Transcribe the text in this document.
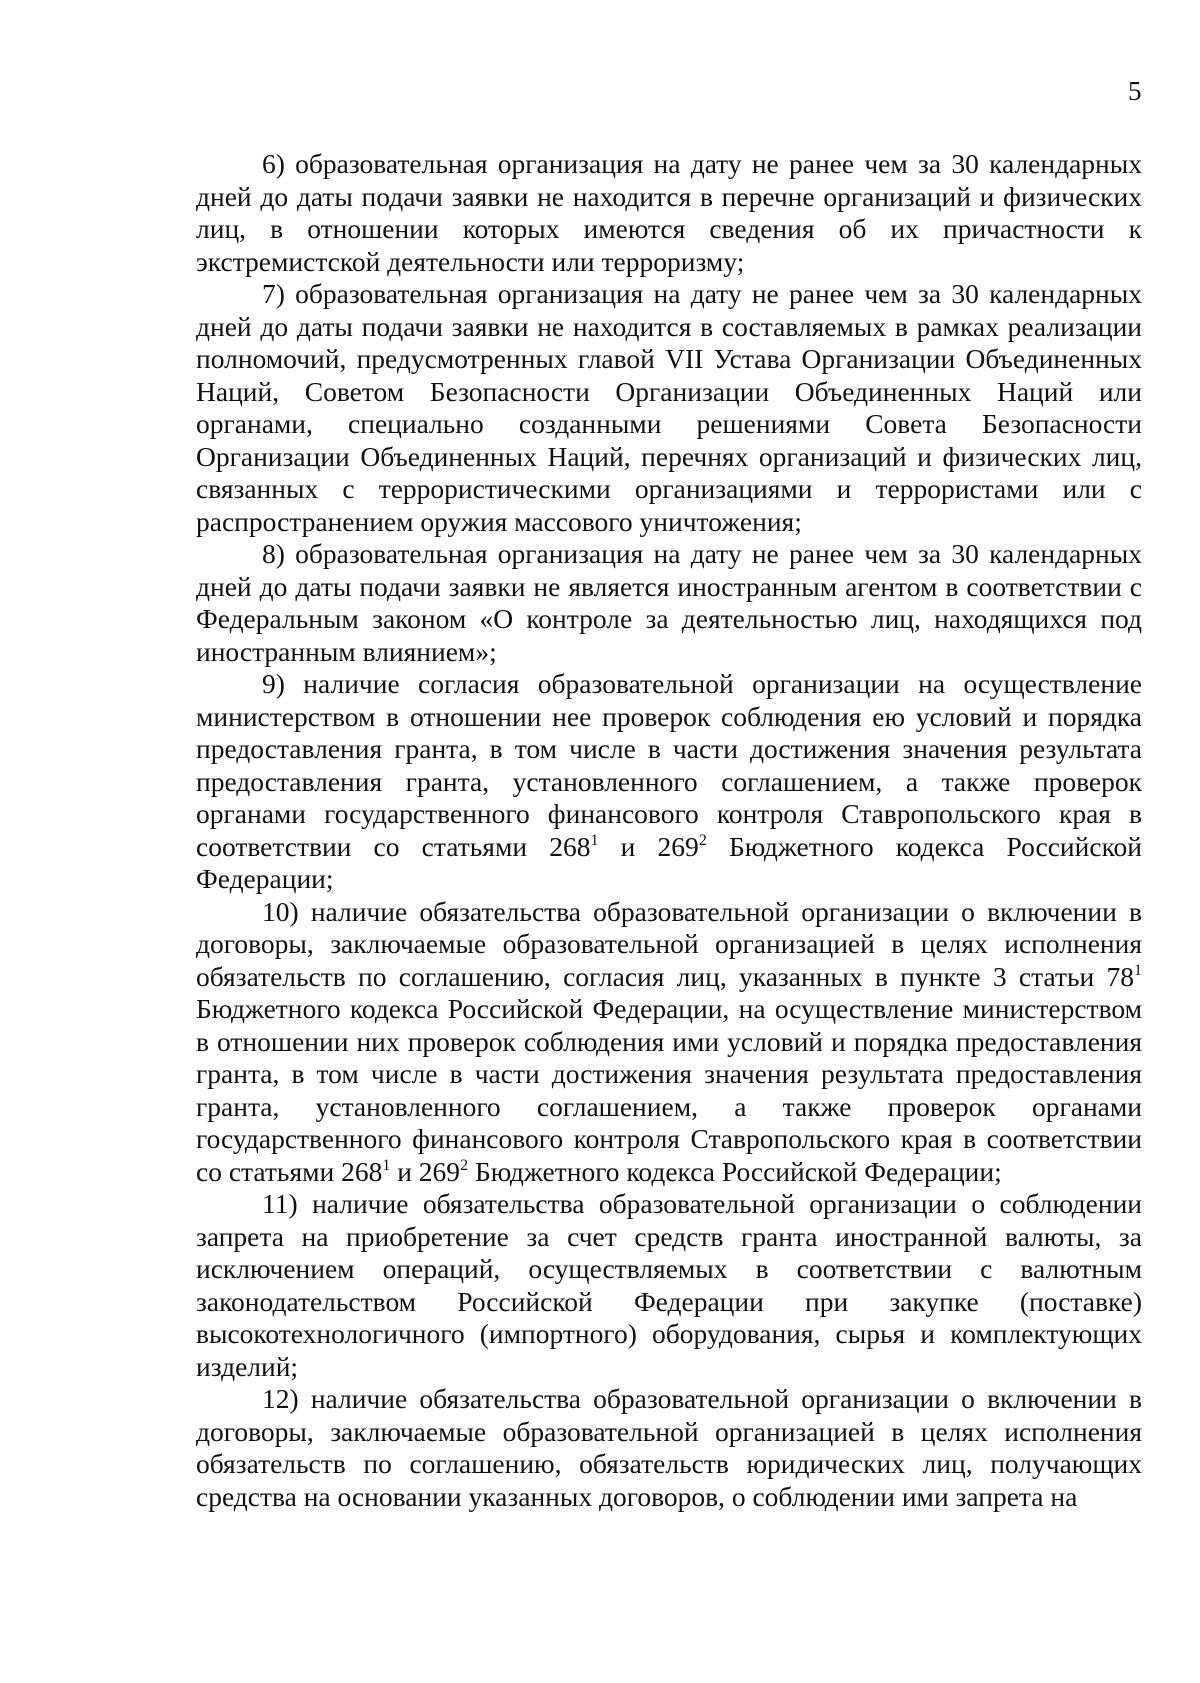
5

6) образовательная организация на дату не ранее чем за 30 календарных дней до даты подачи заявки не находится в перечне организаций и физических лиц, в отношении которых имеются сведения об их причастности к экстремистской деятельности или терроризму;

7) образовательная организация на дату не ранее чем за 30 календарных дней до даты подачи заявки не находится в составляемых в рамках реализации полномочий, предусмотренных главой VII Устава Организации Объединенных Наций, Советом Безопасности Организации Объединенных Наций или органами, специально созданными решениями Совета Безопасности Организации Объединенных Наций, перечнях организаций и физических лиц, связанных с террористическими организациями и террористами или с распространением оружия массового уничтожения;

8) образовательная организация на дату не ранее чем за 30 календарных дней до даты подачи заявки не является иностранным агентом в соответствии с Федеральным законом «О контроле за деятельностью лиц, находящихся под иностранным влиянием»;

9) наличие согласия образовательной организации на осуществление министерством в отношении нее проверок соблюдения ею условий и порядка предоставления гранта, в том числе в части достижения значения результата предоставления гранта, установленного соглашением, а также проверок органами государственного финансового контроля Ставропольского края в соответствии со статьями $268^1$ и $269^2$ Бюджетного кодекса Российской Федерации;

10) наличие обязательства образовательной организации о включении в договоры, заключаемые образовательной организацией в целях исполнения обязательств по соглашению, согласия лиц, указанных в пункте 3 статьи $78^1$ Бюджетного кодекса Российской Федерации, на осуществление министерством в отношении них проверок соблюдения ими условий и порядка предоставления гранта, в том числе в части достижения значения результата предоставления гранта, установленного соглашением, а также проверок органами государственного финансового контроля Ставропольского края в соответствии со статьями $268^1$ и $269^2$ Бюджетного кодекса Российской Федерации;

11) наличие обязательства образовательной организации о соблюдении запрета на приобретение за счет средств гранта иностранной валюты, за исключением операций, осуществляемых в соответствии с валютным законодательством Российской Федерации при закупке (поставке) высокотехнологичного (импортного) оборудования, сырья и комплектующих изделий;

12) наличие обязательства образовательной организации о включении в договоры, заключаемые образовательной организацией в целях исполнения обязательств по соглашению, обязательств юридических лиц, получающих средства на основании указанных договоров, о соблюдении ими запрета на
